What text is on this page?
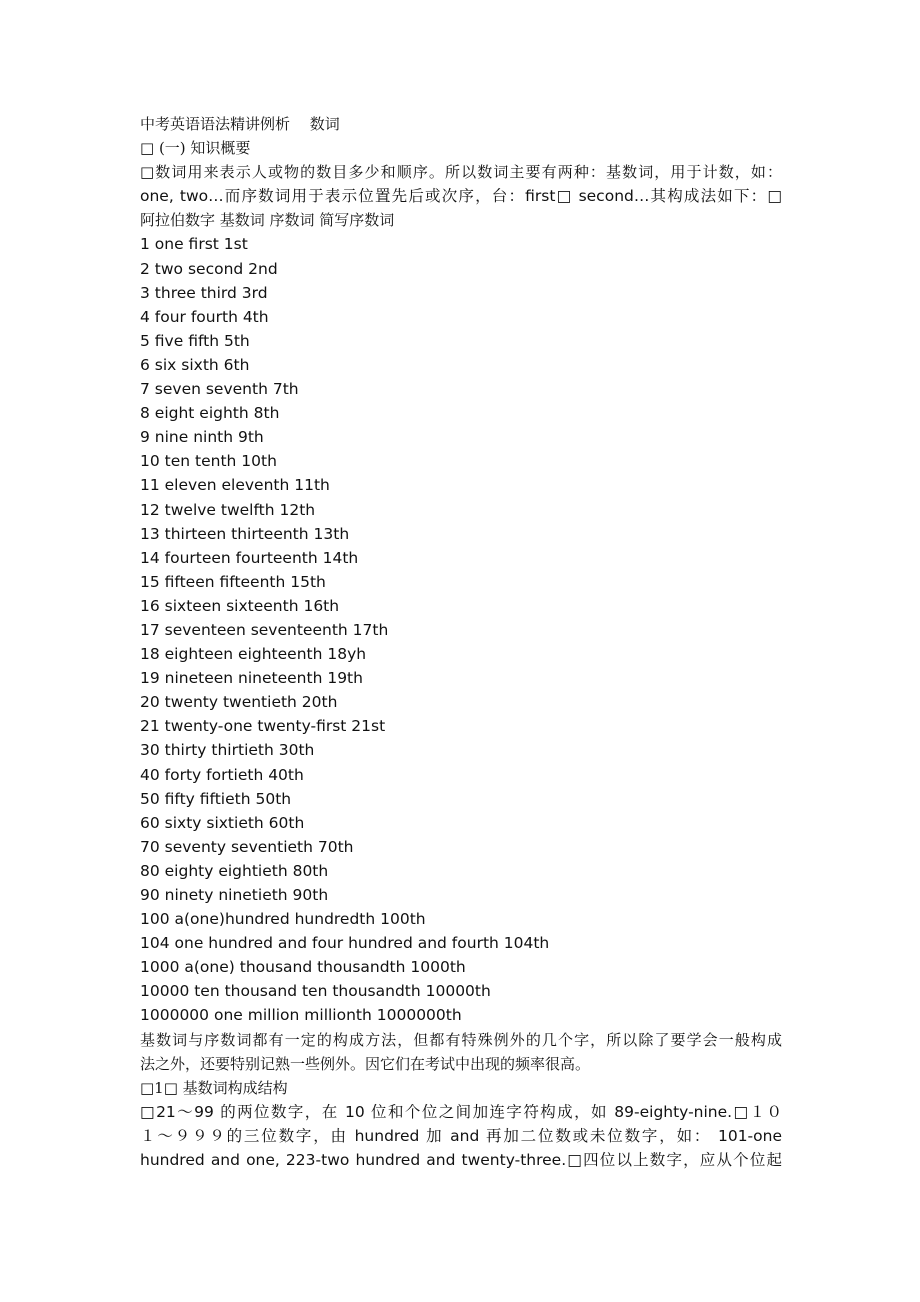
中考英语语法精讲例析　 数词
□ (一) 知识概要
□数词用来表示人或物的数目多少和顺序。所以数词主要有两种：基数词，用于计数，如：
one, two…而序数词用于表示位置先后或次序，台：first□ second…其构成法如下：□
阿拉伯数字 基数词 序数词 简写序数词
1 one first 1st
2 two second 2nd
3 three third 3rd
4 four fourth 4th
5 five fifth 5th
6 six sixth 6th
7 seven seventh 7th
8 eight eighth 8th
9 nine ninth 9th
10 ten tenth 10th
11 eleven eleventh 11th
12 twelve twelfth 12th
13 thirteen thirteenth 13th
14 fourteen fourteenth 14th
15 fifteen fifteenth 15th
16 sixteen sixteenth 16th
17 seventeen seventeenth 17th
18 eighteen eighteenth 18yh
19 nineteen nineteenth 19th
20 twenty twentieth 20th
21 twenty-one twenty-first 21st
30 thirty thirtieth 30th
40 forty fortieth 40th
50 fifty fiftieth 50th
60 sixty sixtieth 60th
70 seventy seventieth 70th
80 eighty eightieth 80th
90 ninety ninetieth 90th
100 a(one)hundred hundredth 100th
104 one hundred and four hundred and fourth 104th
1000 a(one) thousand thousandth 1000th
10000 ten thousand ten thousandth 10000th
1000000 one million millionth 1000000th
基数词与序数词都有一定的构成方法，但都有特殊例外的几个字，所以除了要学会一般构成
法之外，还要特别记熟一些例外。因它们在考试中出现的频率很高。
□1□ 基数词构成结构
□21～99 的两位数字，在 10 位和个位之间加连字符构成，如 89-eighty-nine.□１０
１～９９９的三位数字，由 hundred 加 and 再加二位数或未位数字，如： 101-one
hundred and one, 223-two hundred and twenty-three.□四位以上数字，应从个位起
